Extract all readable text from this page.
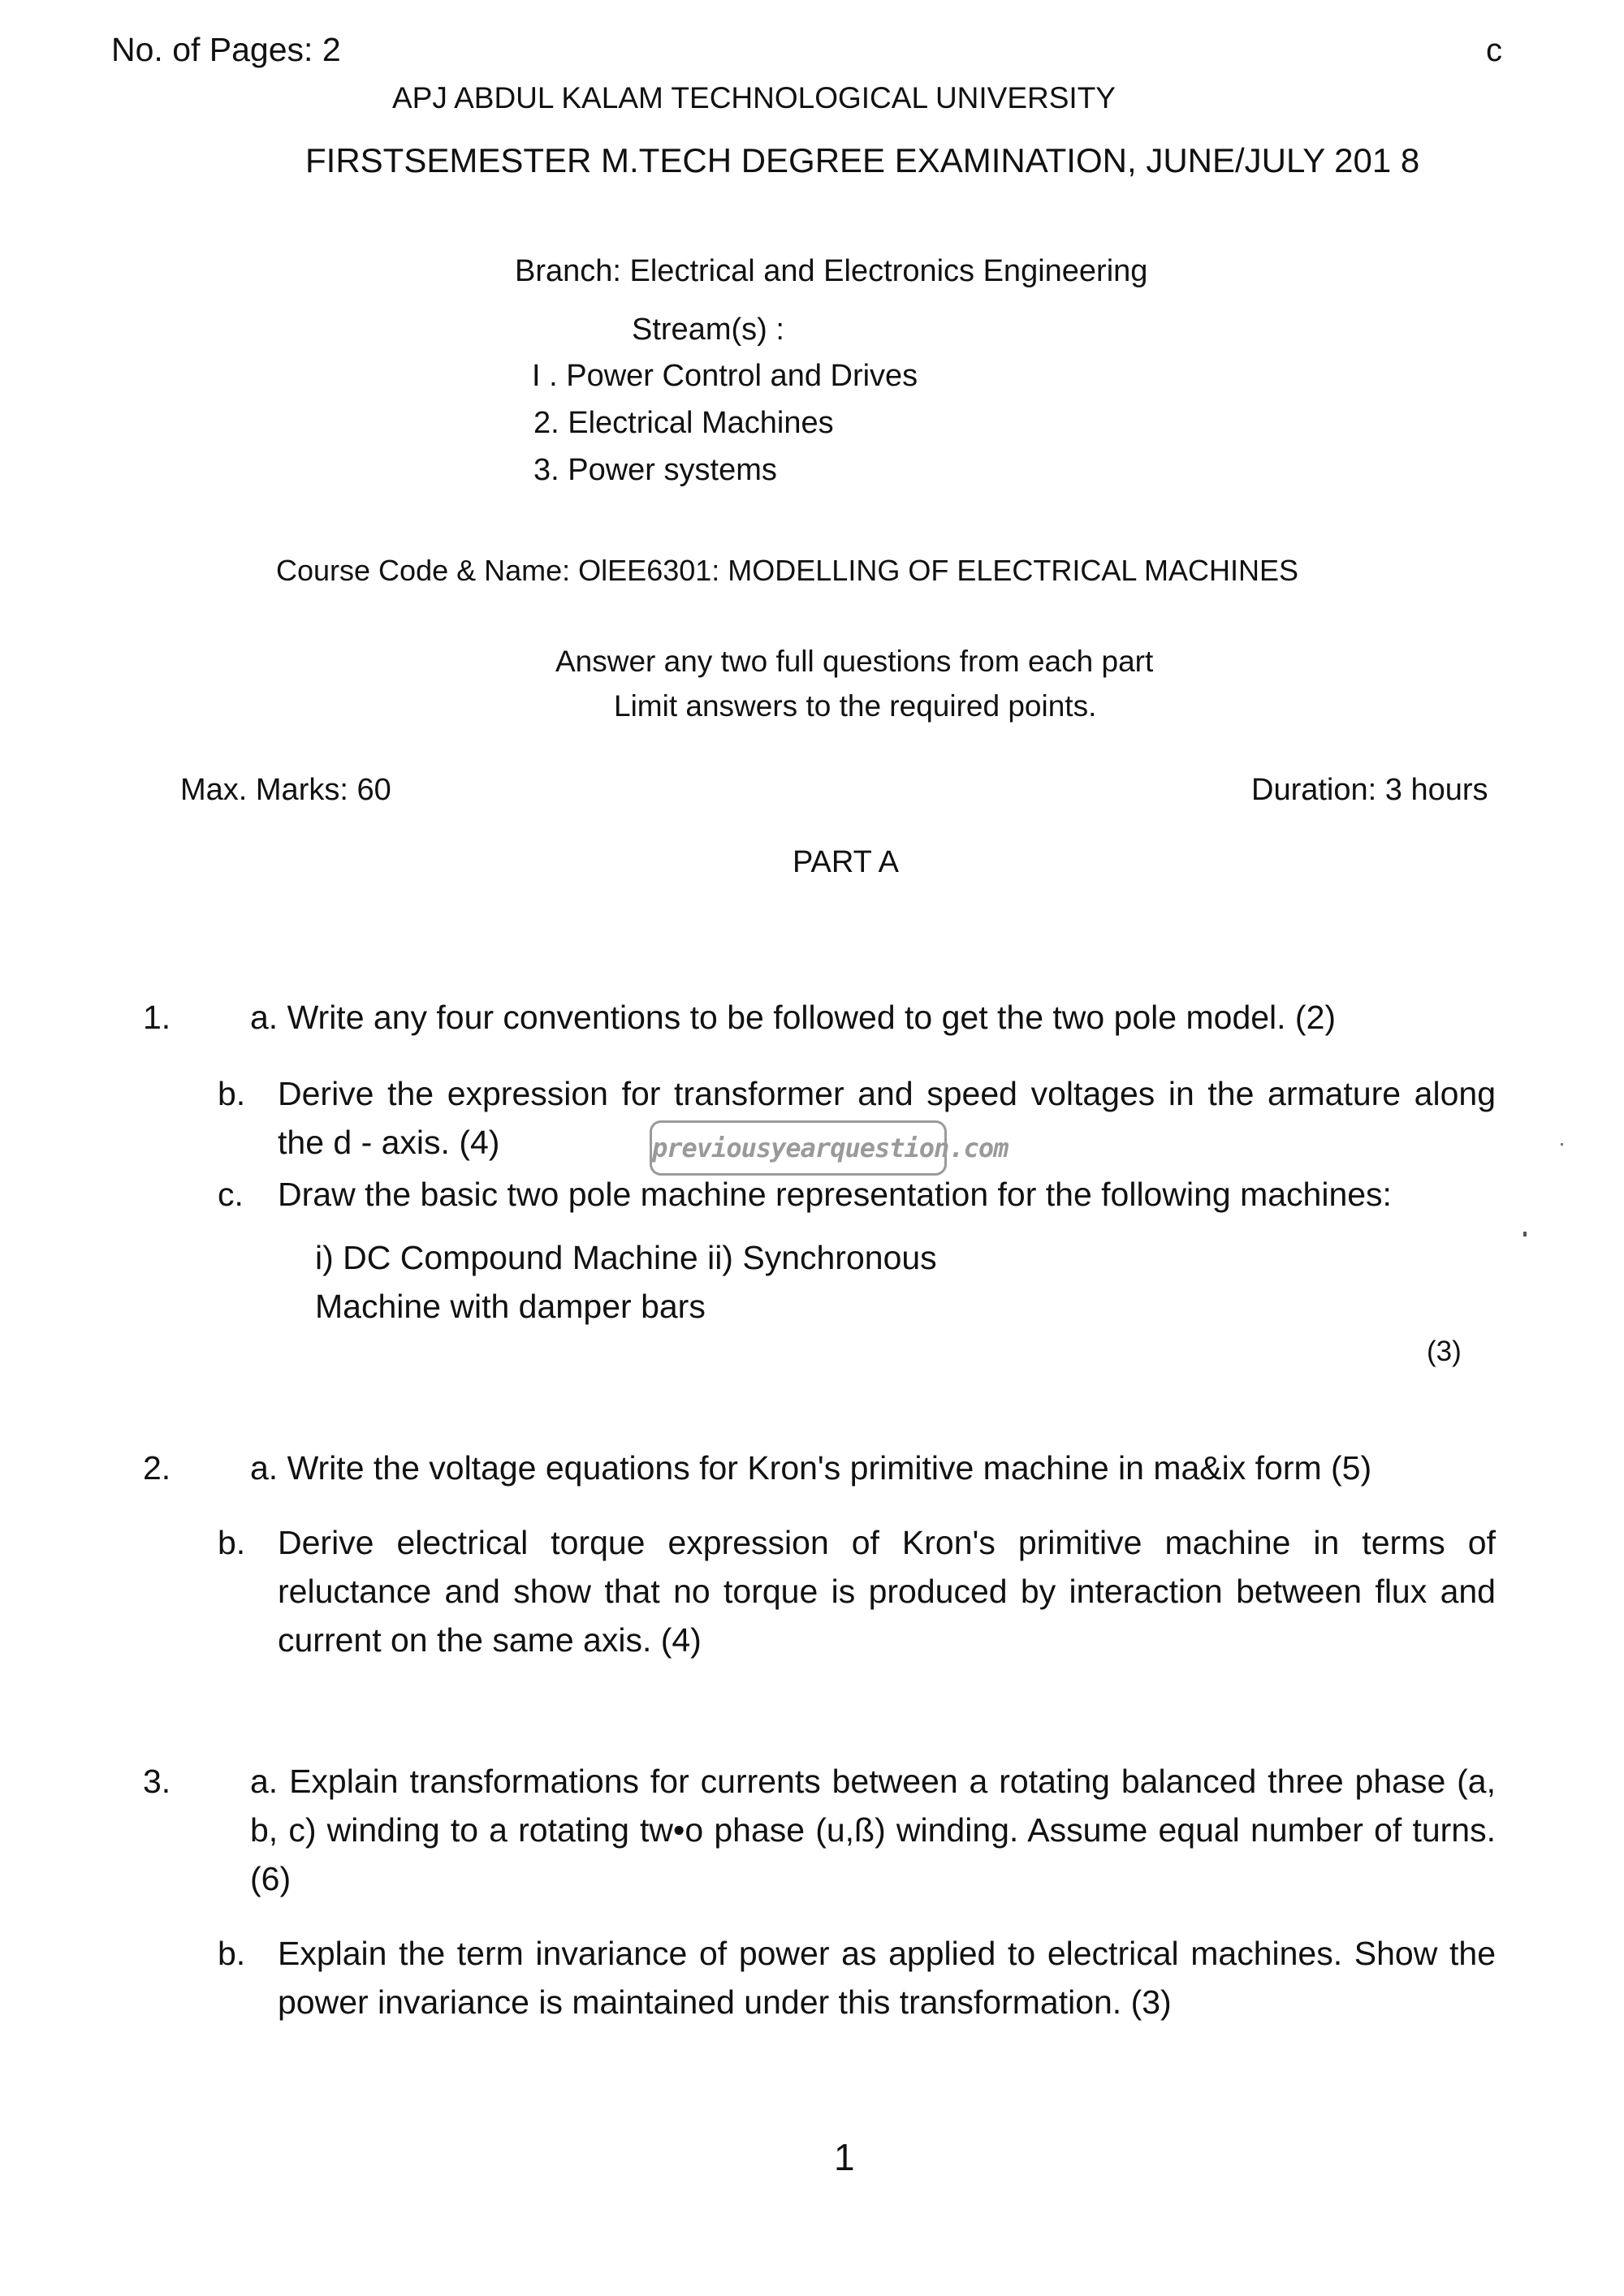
No. of Pages: 2	c
APJ ABDUL KALAM TECHNOLOGICAL UNIVERSITY
FIRSTSEMESTER M.TECH DEGREE EXAMINATION, JUNE/JULY 201 8
Branch: Electrical and Electronics Engineering
Stream(s) :
I . Power Control and Drives
2. Electrical Machines
3. Power systems
Course Code & Name: OlEE6301: MODELLING OF ELECTRICAL MACHINES
Answer any two full questions from each part
Limit answers to the required points.
Max. Marks: 60	Duration: 3 hours
PART A
1. a. Write any four conventions to be followed to get the two pole model. (2)
b. Derive the expression for transformer and speed voltages in the armature along the d - axis. (4)
c. Draw the basic two pole machine representation for the following machines:
i) DC Compound Machine ii) Synchronous
Machine with damper bars
(3)
2. a. Write the voltage equations for Kron's primitive machine in ma&ix form (5)
b. Derive electrical torque expression of Kron's primitive machine in terms of reluctance and show that no torque is produced by interaction between flux and current on the same axis. (4)
3. a. Explain transformations for currents between a rotating balanced three phase (a, b, c) winding to a rotating tw•o phase (u,ß) winding. Assume equal number of turns. (6)
b. Explain the term invariance of power as applied to electrical machines. Show the power invariance is maintained under this transformation. (3)
previousyearquestion.com
1
